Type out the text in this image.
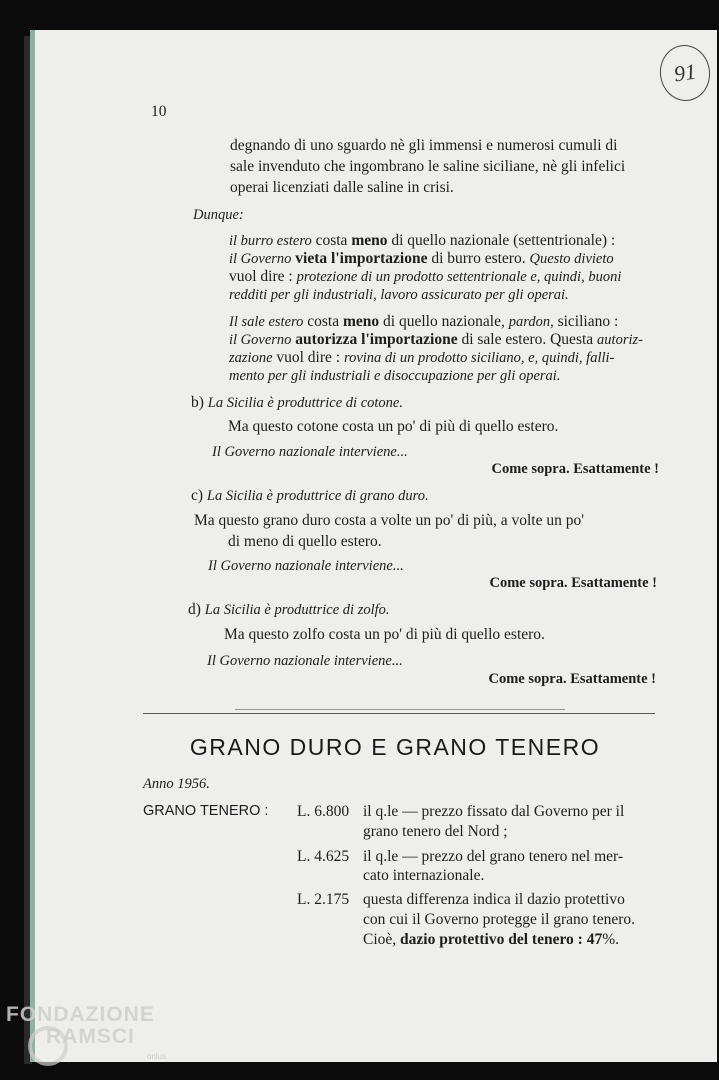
91
10
degnando di uno sguardo nè gli immensi e numerosi cumuli di
sale invenduto che ingombrano le saline siciliane, nè gli infelici
operai licenziati dalle saline in crisi.
Dunque:
il burro estero costa meno di quello nazionale (settentrionale) :
il Governo vieta l'importazione di burro estero. Questo divieto
vuol dire : protezione di un prodotto settentrionale e, quindi, buoni
redditi per gli industriali, lavoro assicurato per gli operai.
Il sale estero costa meno di quello nazionale, pardon, siciliano :
il Governo autorizza l'importazione di sale estero. Questa autoriz-
zazione vuol dire : rovina di un prodotto siciliano, e, quindi, falli-
mento per gli industriali e disoccupazione per gli operai.
b) La Sicilia è produttrice di cotone.
Ma questo cotone costa un po' di più di quello estero.
Il Governo nazionale interviene...
Come sopra. Esattamente !
c) La Sicilia è produttrice di grano duro.
Ma questo grano duro costa a volte un po' di più, a volte un po'
di meno di quello estero.
Il Governo nazionale interviene...
Come sopra. Esattamente !
d) La Sicilia è produttrice di zolfo.
Ma questo zolfo costa un po' di più di quello estero.
Il Governo nazionale interviene...
Come sopra. Esattamente !
GRANO DURO E GRANO TENERO
Anno 1956.
GRANO TENERO : L. 6.800 il q.le — prezzo fissato dal Governo per il
grano tenero del Nord ;
L. 4.625 il q.le — prezzo del grano tenero nel mer-
cato internazionale.
L. 2.175 questa differenza indica il dazio protettivo
con cui il Governo protegge il grano tenero.
Cioè, dazio protettivo del tenero : 47%.
FONDAZIONE
RAMSCI
onlus
